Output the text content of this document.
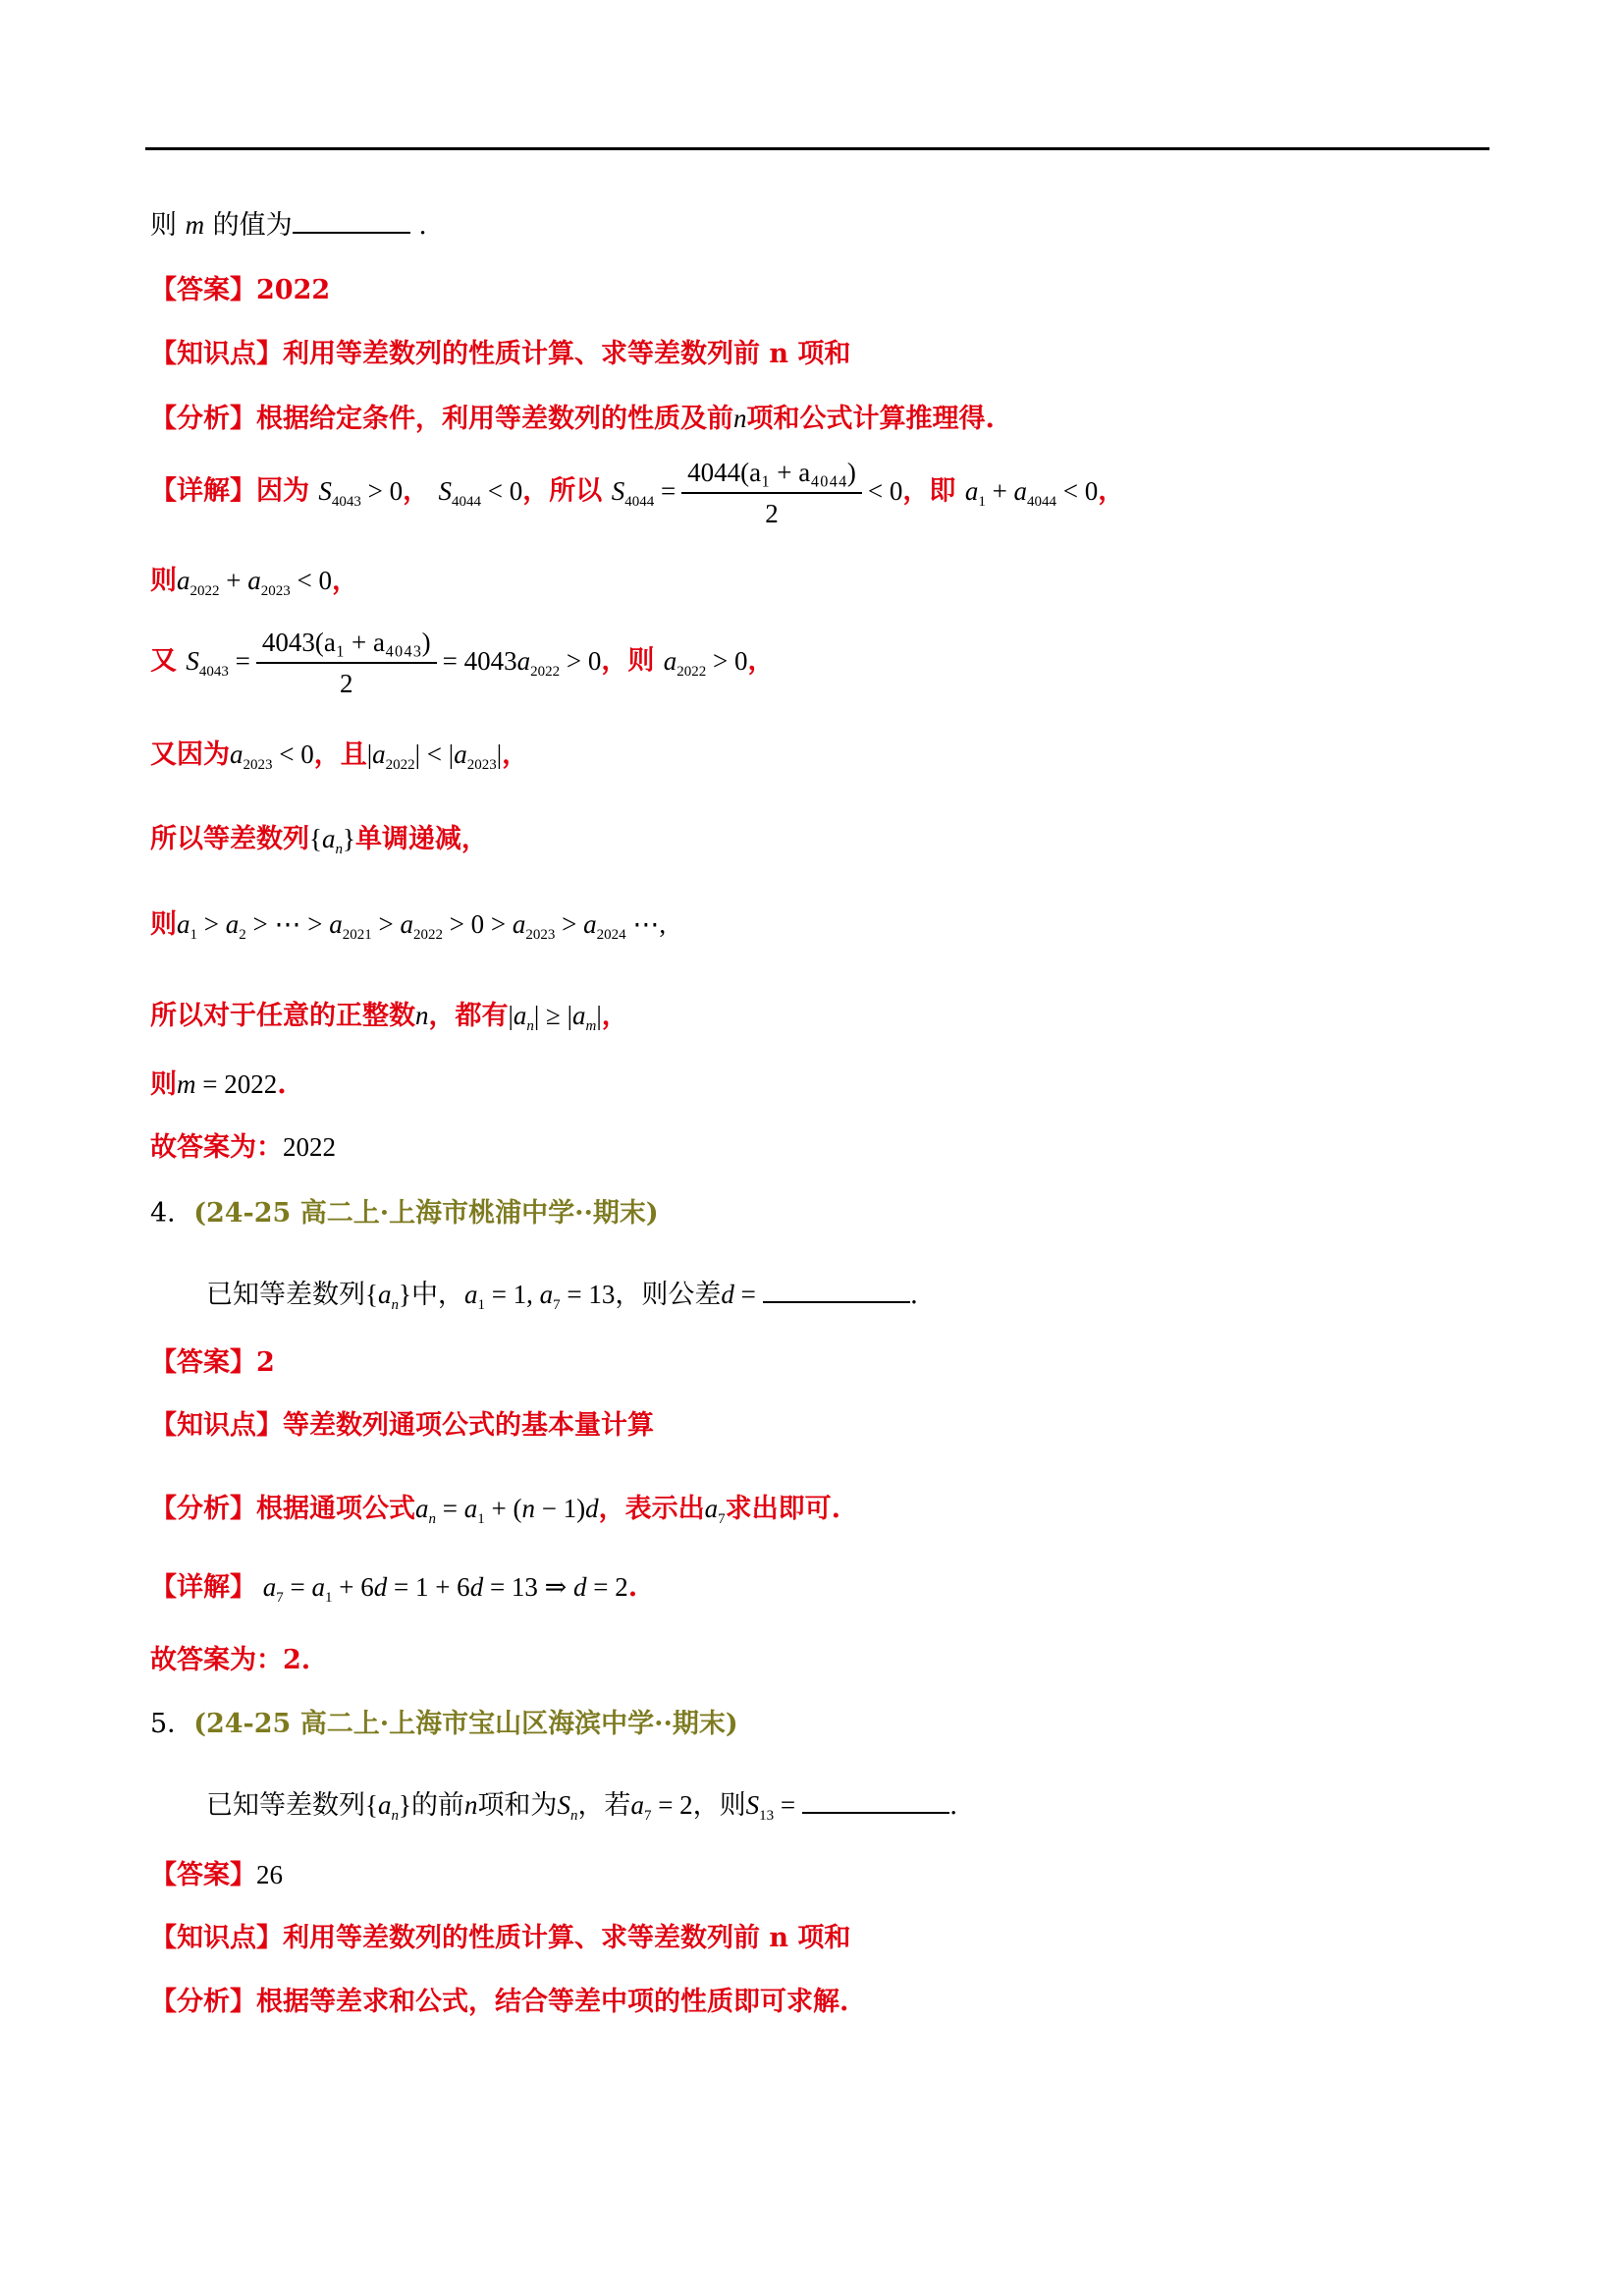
则 m 的值为	.
【答案】2022
【知识点】利用等差数列的性质计算、求等差数列前 n 项和
【分析】根据给定条件，利用等差数列的性质及前n项和公式计算推理得.
【详解】因为 $S_{4043} > 0$， $S_{4044} < 0$，所以 $S_{4044} = \frac{\text{4044(a₁ + a₄₀₄₄)}}{2} < 0$，即 $a_1 + a_{4044} < 0$，
则$a_{2022} + a_{2023} < 0$，
又 $S_{4043} = \frac{\text{4043(a₁ + a₄₀₄₃)}}{2} = 4043a_{2022} > 0$，则 $a_{2022} > 0$，
又因为$a_{2023} < 0$，且$|a_{2022}| < |a_{2023}|$，
所以等差数列$\{a_n\}$单调递减，
则$a_1 > a_2$ > ⋯ > $a_{2021} > a_{2022} > 0 > a_{2023} > a_{2024}$ ⋯,
所以对于任意的正整数n，都有$|a_n| \ge |a_m|$，
则m = 2022.
故答案为：2022
4．(24-25 高二上·上海市桃浦中学··期末)
已知等差数列$\{a_n\}$中，$a_1 = 1$, $a_7 = 13$，则公差d =	.
【答案】2
【知识点】等差数列通项公式的基本量计算
【分析】根据通项公式$a_n = a_1 + (n - 1)d$，表示出$a_7$求出即可.
【详解】 $a_7 = a_1 + 6d = 1 + 6d = 13$ ⇒ d = 2.
故答案为：2.
5．(24-25 高二上·上海市宝山区海滨中学··期末)
已知等差数列$\{a_n\}$的前n项和为$S_n$，若$a_7 = 2$，则$S_{13}$ =	.
【答案】26
【知识点】利用等差数列的性质计算、求等差数列前 n 项和
【分析】根据等差求和公式，结合等差中项的性质即可求解.
